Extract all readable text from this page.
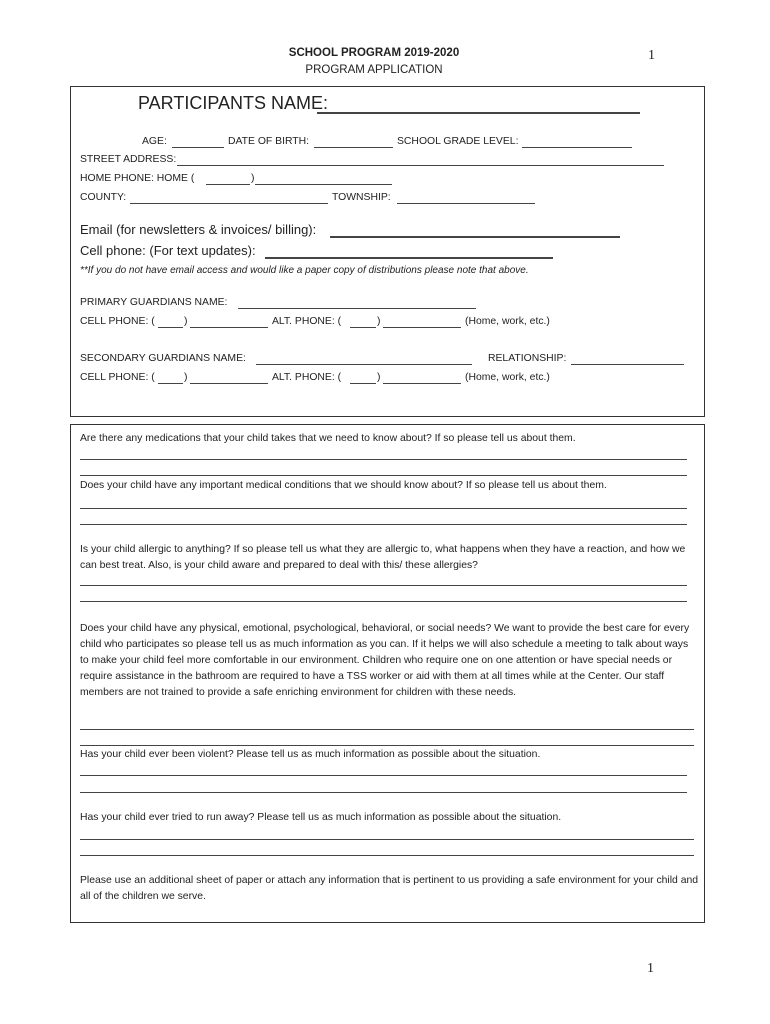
SCHOOL PROGRAM 2019-2020
PROGRAM APPLICATION
1
PARTICIPANTS NAME:
AGE:	DATE OF BIRTH:	SCHOOL GRADE LEVEL:
STREET ADDRESS:
HOME PHONE: HOME (	)
COUNTY:	TOWNSHIP:
Email (for newsletters & invoices/ billing):
Cell phone: (For text updates):
**If you do not have email access and would like a paper copy of distributions please note that above.
PRIMARY GUARDIANS NAME:
CELL PHONE: (	)	ALT. PHONE: (	)	(Home, work, etc.)
SECONDARY GUARDIANS NAME:	RELATIONSHIP:
CELL PHONE: (	)	ALT. PHONE: (	)	(Home, work, etc.)
Are there any medications that your child takes that we need to know about? If so please tell us about them.
Does your child have any important medical conditions that we should know about? If so please tell us about them.
Is your child allergic to anything? If so please tell us what they are allergic to, what happens when they have a reaction, and how we can best treat. Also, is your child aware and prepared to deal with this/ these allergies?
Does your child have any physical, emotional, psychological, behavioral, or social needs? We want to provide the best care for every child who participates so please tell us as much information as you can. If it helps we will also schedule a meeting to talk about ways to make your child feel more comfortable in our environment. Children who require one on one attention or have special needs or require assistance in the bathroom are required to have a TSS worker or aid with them at all times while at the Center. Our staff members are not trained to provide a safe enriching environment for children with these needs.
Has your child ever been violent? Please tell us as much information as possible about the situation.
Has your child ever tried to run away? Please tell us as much information as possible about the situation.
Please use an additional sheet of paper or attach any information that is pertinent to us providing a safe environment for your child and all of the children we serve.
1
